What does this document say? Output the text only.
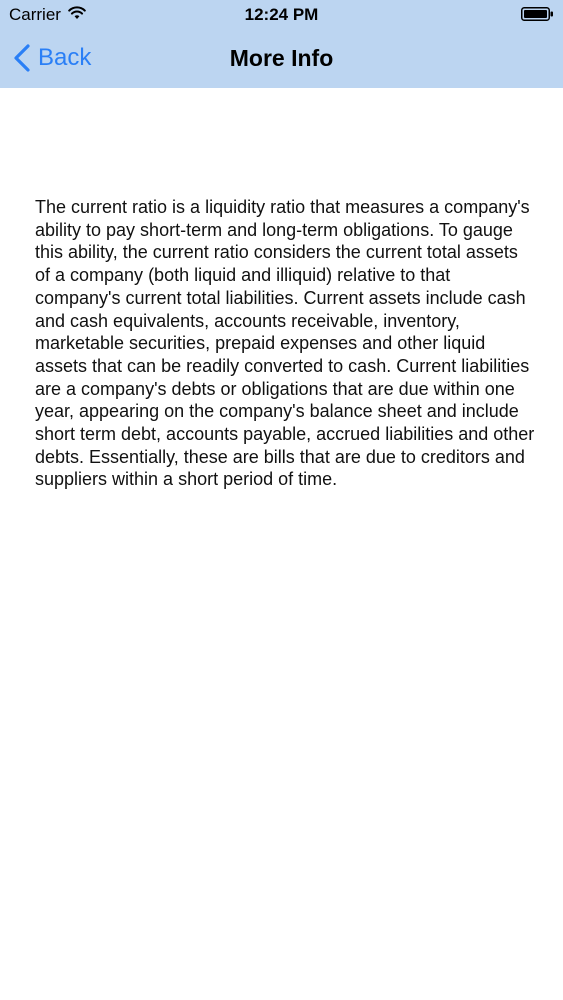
Carrier	12:24 PM
Back	More Info

The current ratio is a liquidity ratio that measures a company's ability to pay short-term and long-term obligations. To gauge this ability, the current ratio considers the current total assets of a company (both liquid and illiquid) relative to that company's current total liabilities. Current assets include cash and cash equivalents, accounts receivable, inventory, marketable securities, prepaid expenses and other liquid assets that can be readily converted to cash. Current liabilities are a company's debts or obligations that are due within one year, appearing on the company's balance sheet and include short term debt, accounts payable, accrued liabilities and other debts. Essentially, these are bills that are due to creditors and suppliers within a short period of time.
